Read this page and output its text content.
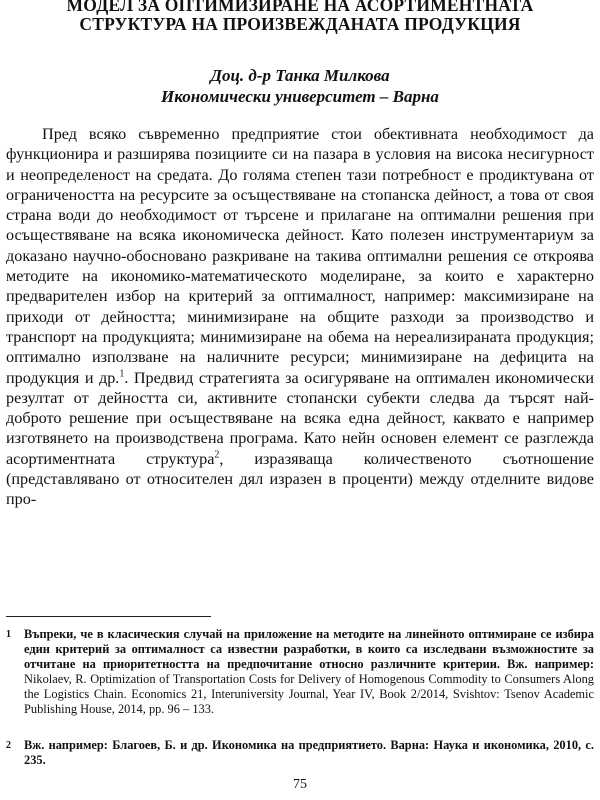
МОДЕЛ ЗА ОПТИМИЗИРАНЕ НА АСОРТИМЕНТНАТА
СТРУКТУРА НА ПРОИЗВЕЖДАНАТА ПРОДУКЦИЯ
Доц. д-р Танка Милкова
Икономически университет – Варна

Пред всяко съвременно предприятие стои обективната необходимост да функционира и разширява позициите си на пазара в условия на висока несигурност и неопределеност на средата. До голяма степен тази потребност е продиктувана от ограничеността на ресурсите за осъществяване на стопанска дейност, а това от своя страна води до необходимост от търсене и прилагане на оптимални решения при осъществяване на всяка икономическа дейност. Като полезен инструментариум за доказано научно-обосновано разкриване на такива оптимални решения се откроява методите на икономико-математическото моделиране, за които е характерно предварителен избор на критерий за оптималност, например: максимизиране на приходи от дейността; минимизиране на общите разходи за производство и транспорт на продукцията; минимизиране на обема на нереализираната продукция; оптимално използване на наличните ресурси; минимизиране на дефицита на продукция и др.$^1$. Предвид стратегията за осигуряване на оптимален икономически резултат от дейността си, активните стопански субекти следва да търсят най-доброто решение при осъществяване на всяка една дейност, каквато е например изготвянето на производствена програма. Като нейн основен елемент се разглежда асортиментната структура$^2$, изразяваща количественото съотношение (представлявано от относителен дял изразен в проценти) между отделните видове про-

1 Въпреки, че в класическия случай на приложение на методите на линейното оптимиране се избира един критерий за оптималност са известни разработки, в които са изследвани възможностите за отчитане на приоритетността на предпочитание относно различните критерии. Вж. например: Nikolaev, R. Optimization of Transportation Costs for Delivery of Homogenous Commodity to Consumers Along the Logistics Chain. Economics 21, Interuniversity Journal, Year IV, Book 2/2014, Svishtov: Tsenov Academic Publishing House, 2014, pp. 96 – 133.
2 Вж. например: Благоев, Б. и др. Икономика на предприятието. Варна: Наука и икономика, 2010, с. 235.
75
